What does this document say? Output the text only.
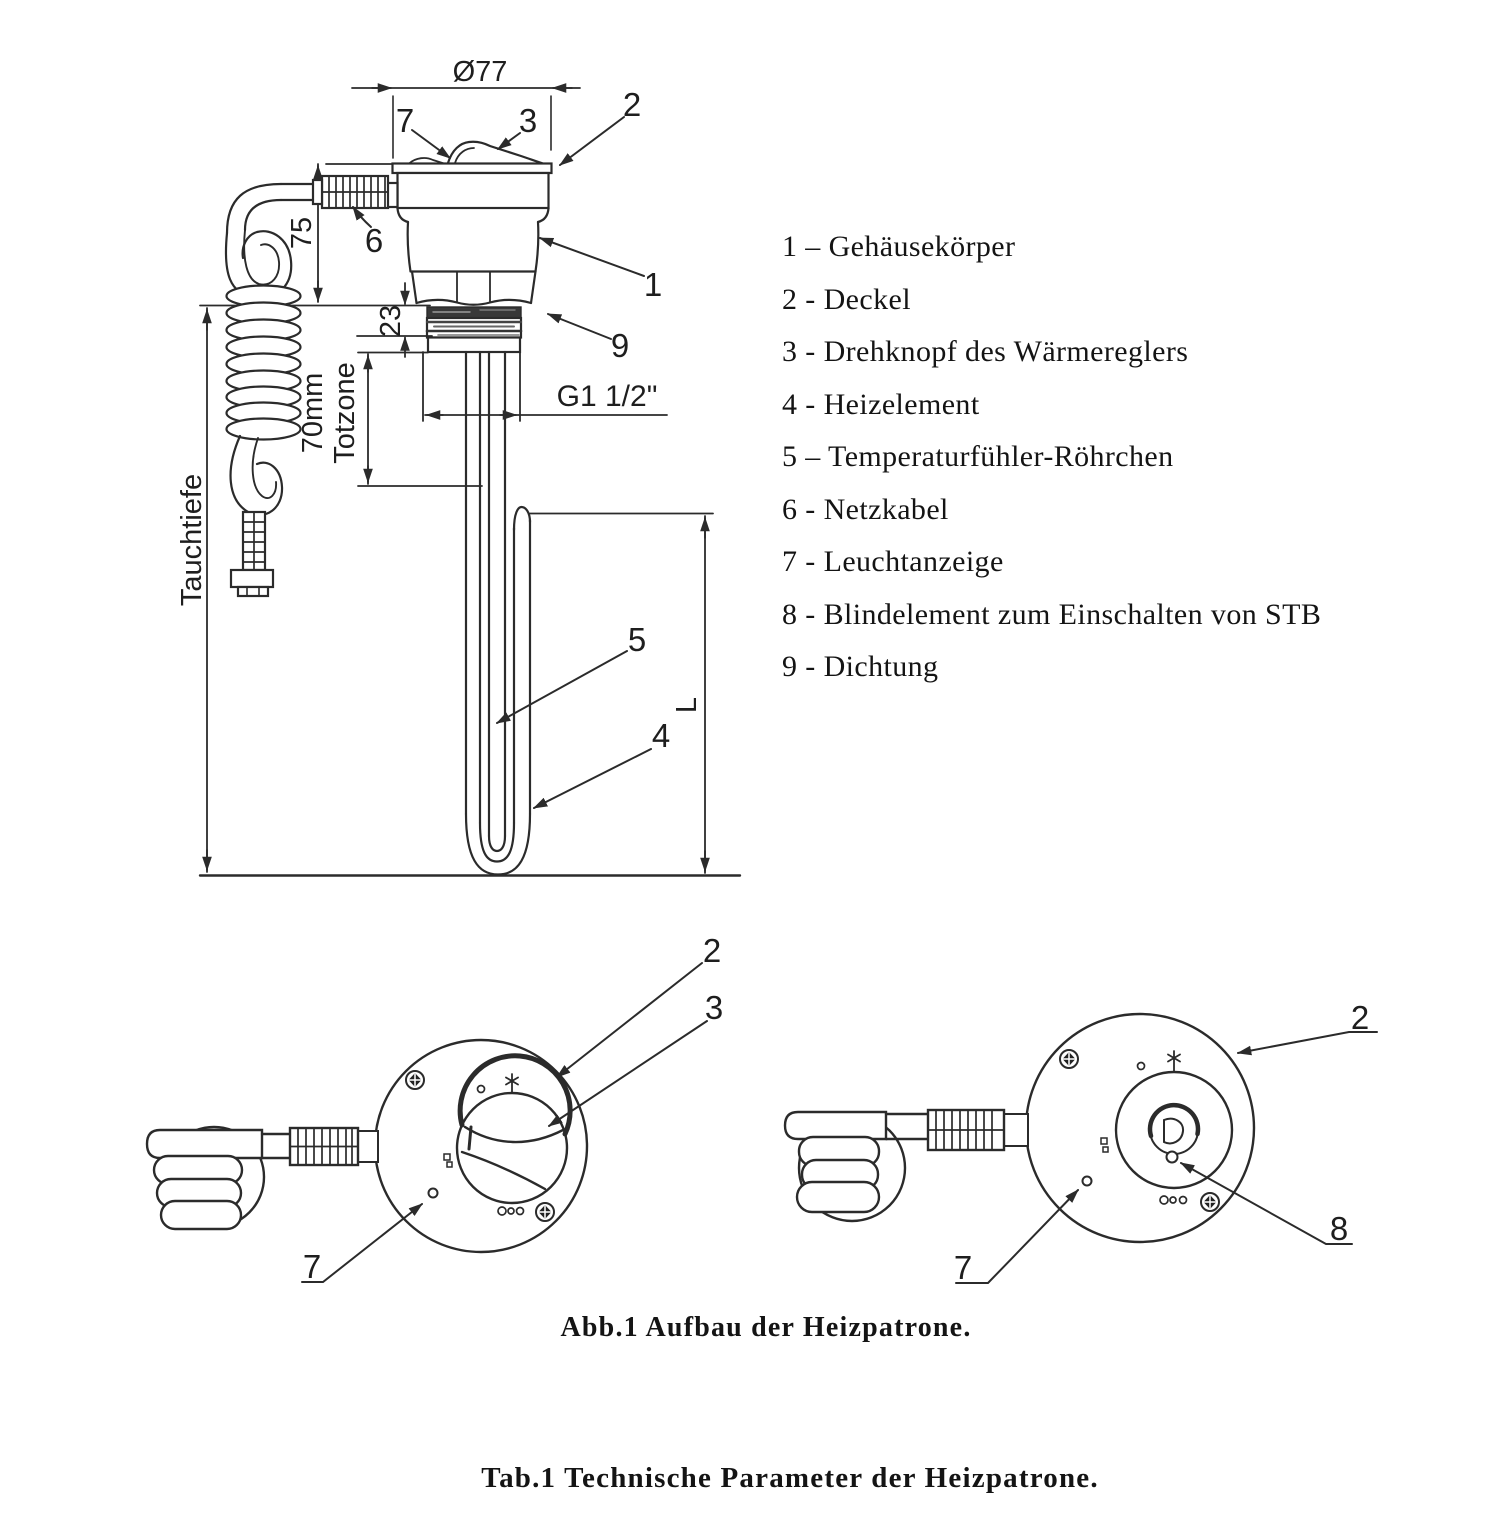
Ø77
7	3	2
6
1
9
5
4
75
23
70mm Totzone
Tauchtiefe
G1 1/2"
L
2
3
7
2
8
7
1 – Gehäusekörper
2 - Deckel
3 - Drehknopf des Wärmereglers
4 - Heizelement
5 – Temperaturfühler-Röhrchen
6 - Netzkabel
7 - Leuchtanzeige
8 - Blindelement zum Einschalten von STB
9 - Dichtung
Abb.1 Aufbau der Heizpatrone.
Tab.1 Technische Parameter der Heizpatrone.
